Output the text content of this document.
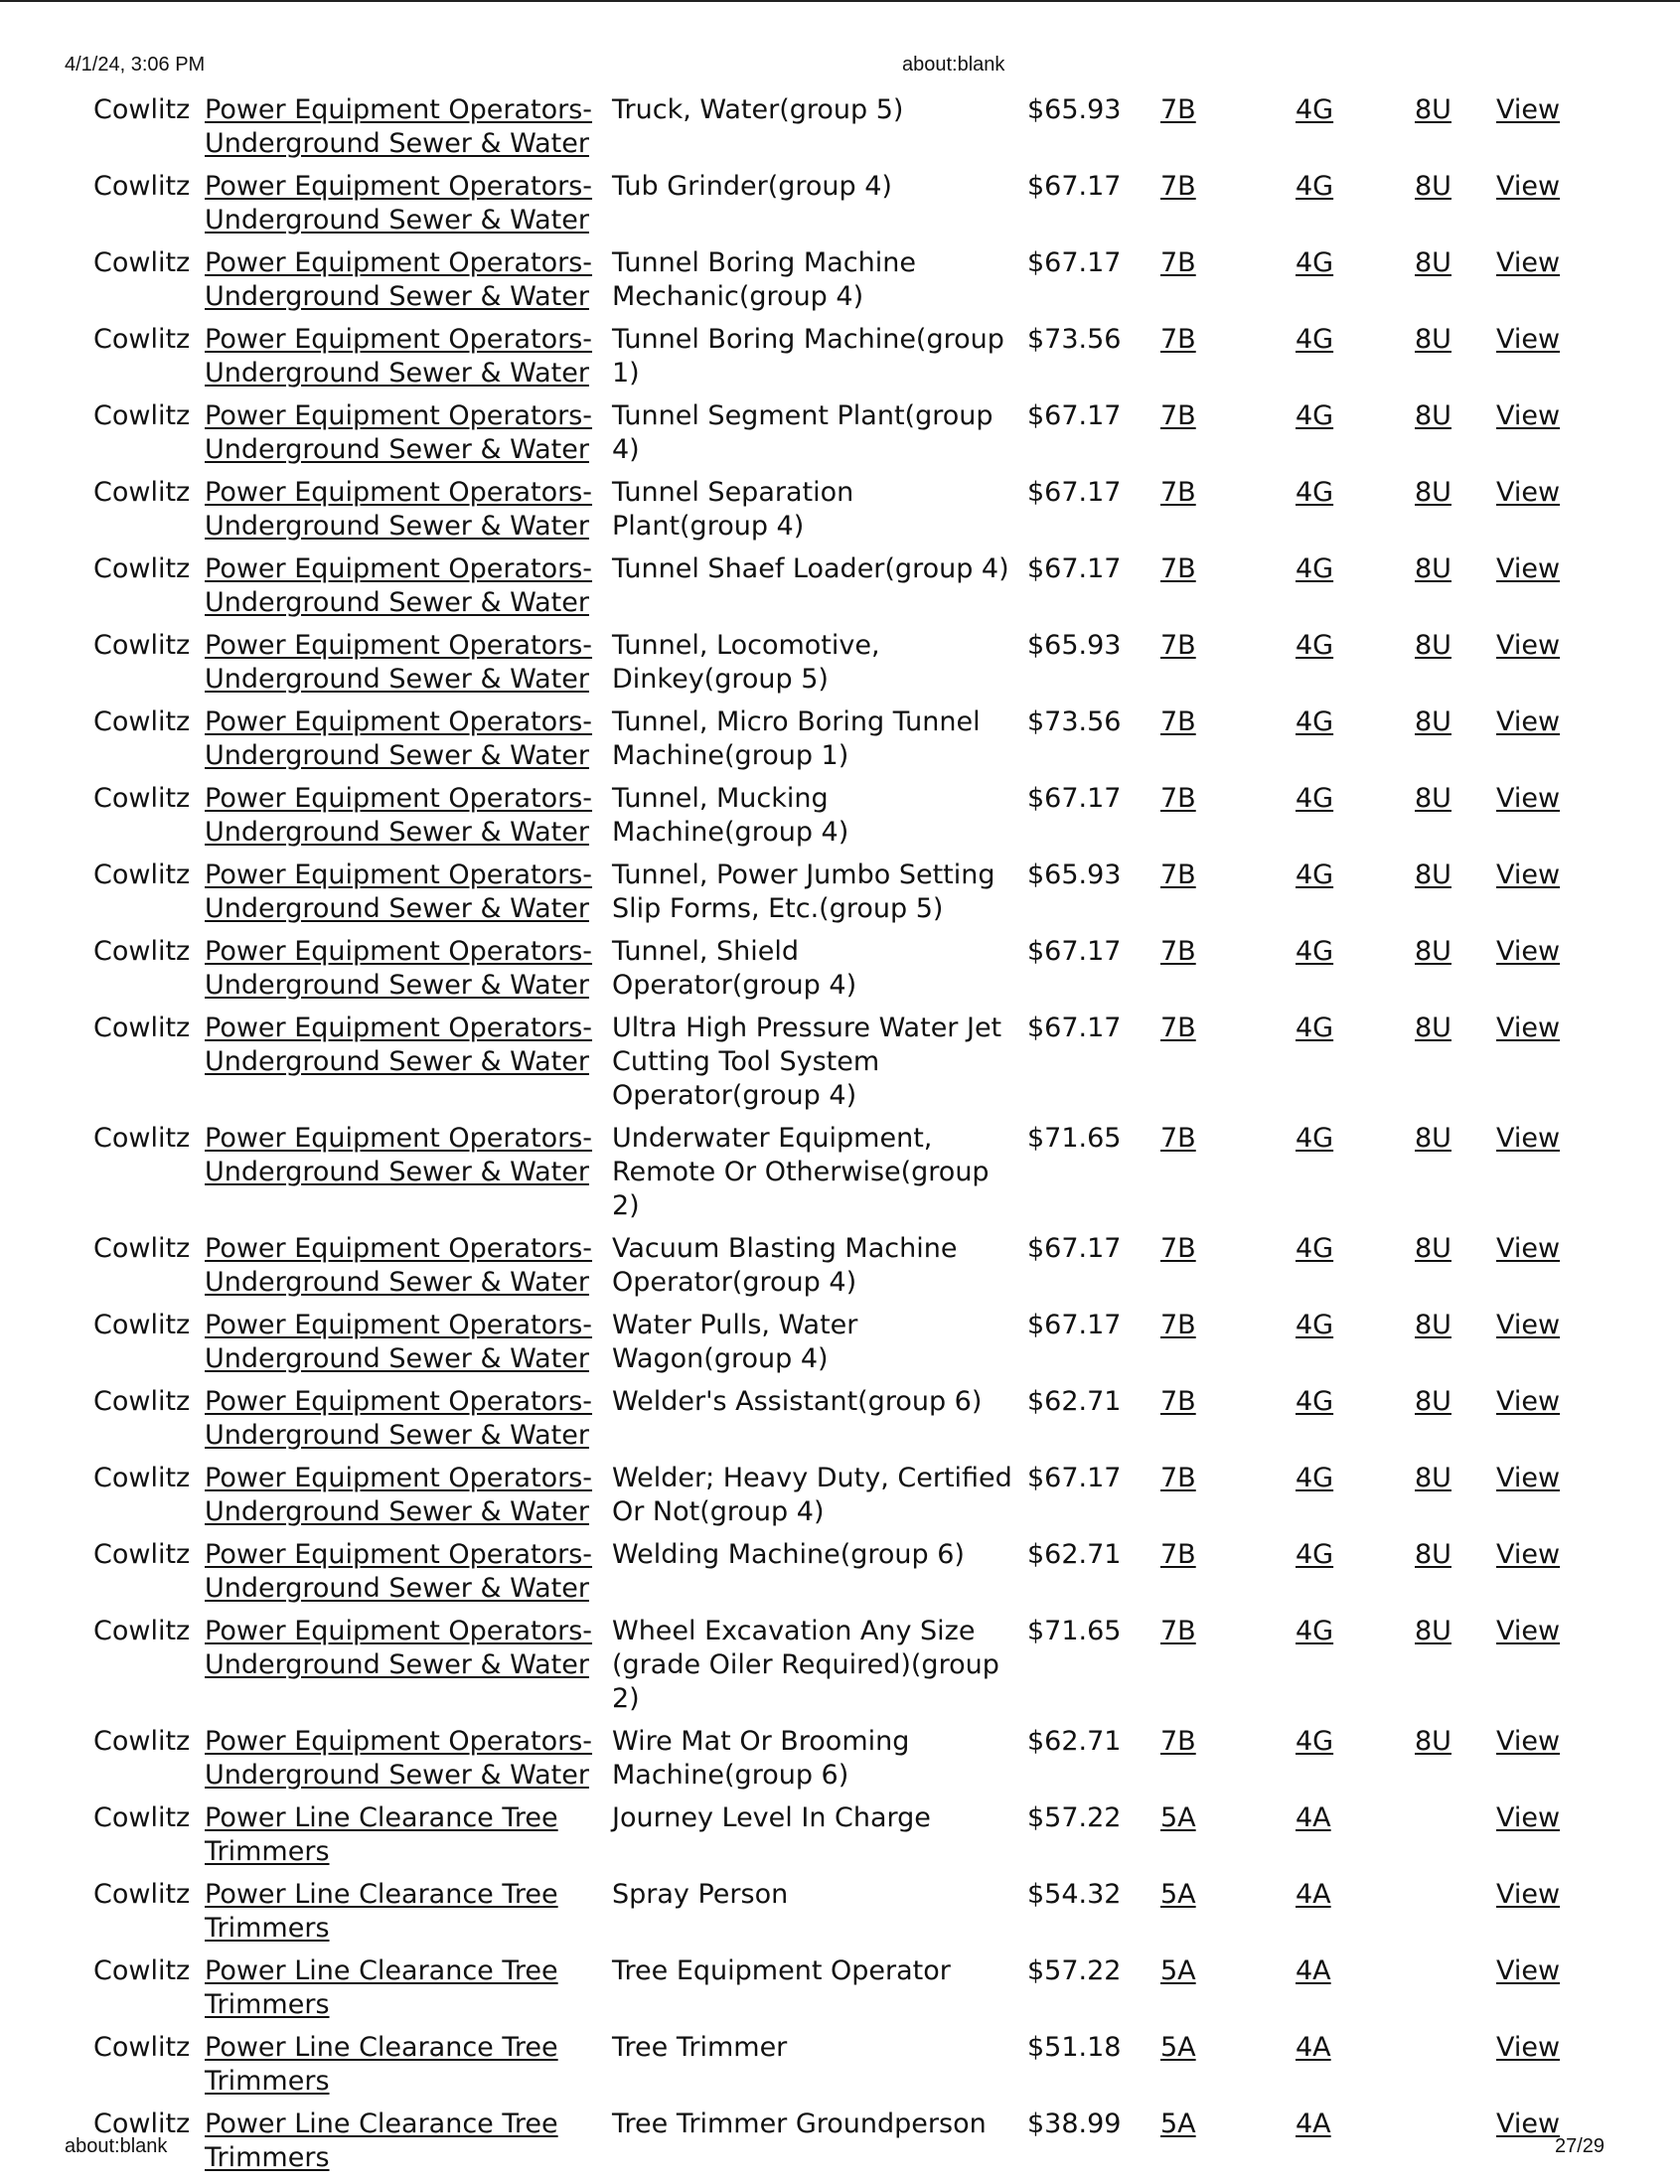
4/1/24, 3:06 PM	about:blank
Cowlitz	Power Equipment Operators-Underground Sewer & Water	Truck, Water(group 5)	$65.93	7B	4G	8U	View
Cowlitz	Power Equipment Operators-Underground Sewer & Water	Tub Grinder(group 4)	$67.17	7B	4G	8U	View
Cowlitz	Power Equipment Operators-Underground Sewer & Water	Tunnel Boring Machine Mechanic(group 4)	$67.17	7B	4G	8U	View
Cowlitz	Power Equipment Operators-Underground Sewer & Water	Tunnel Boring Machine(group 1)	$73.56	7B	4G	8U	View
Cowlitz	Power Equipment Operators-Underground Sewer & Water	Tunnel Segment Plant(group 4)	$67.17	7B	4G	8U	View
Cowlitz	Power Equipment Operators-Underground Sewer & Water	Tunnel Separation Plant(group 4)	$67.17	7B	4G	8U	View
Cowlitz	Power Equipment Operators-Underground Sewer & Water	Tunnel Shaef Loader(group 4)	$67.17	7B	4G	8U	View
Cowlitz	Power Equipment Operators-Underground Sewer & Water	Tunnel, Locomotive, Dinkey(group 5)	$65.93	7B	4G	8U	View
Cowlitz	Power Equipment Operators-Underground Sewer & Water	Tunnel, Micro Boring Tunnel Machine(group 1)	$73.56	7B	4G	8U	View
Cowlitz	Power Equipment Operators-Underground Sewer & Water	Tunnel, Mucking Machine(group 4)	$67.17	7B	4G	8U	View
Cowlitz	Power Equipment Operators-Underground Sewer & Water	Tunnel, Power Jumbo Setting Slip Forms, Etc.(group 5)	$65.93	7B	4G	8U	View
Cowlitz	Power Equipment Operators-Underground Sewer & Water	Tunnel, Shield Operator(group 4)	$67.17	7B	4G	8U	View
Cowlitz	Power Equipment Operators-Underground Sewer & Water	Ultra High Pressure Water Jet Cutting Tool System Operator(group 4)	$67.17	7B	4G	8U	View
Cowlitz	Power Equipment Operators-Underground Sewer & Water	Underwater Equipment, Remote Or Otherwise(group 2)	$71.65	7B	4G	8U	View
Cowlitz	Power Equipment Operators-Underground Sewer & Water	Vacuum Blasting Machine Operator(group 4)	$67.17	7B	4G	8U	View
Cowlitz	Power Equipment Operators-Underground Sewer & Water	Water Pulls, Water Wagon(group 4)	$67.17	7B	4G	8U	View
Cowlitz	Power Equipment Operators-Underground Sewer & Water	Welder's Assistant(group 6)	$62.71	7B	4G	8U	View
Cowlitz	Power Equipment Operators-Underground Sewer & Water	Welder; Heavy Duty, Certified Or Not(group 4)	$67.17	7B	4G	8U	View
Cowlitz	Power Equipment Operators-Underground Sewer & Water	Welding Machine(group 6)	$62.71	7B	4G	8U	View
Cowlitz	Power Equipment Operators-Underground Sewer & Water	Wheel Excavation Any Size (grade Oiler Required)(group 2)	$71.65	7B	4G	8U	View
Cowlitz	Power Equipment Operators-Underground Sewer & Water	Wire Mat Or Brooming Machine(group 6)	$62.71	7B	4G	8U	View
Cowlitz	Power Line Clearance Tree Trimmers	Journey Level In Charge	$57.22	5A	4A		View
Cowlitz	Power Line Clearance Tree Trimmers	Spray Person	$54.32	5A	4A		View
Cowlitz	Power Line Clearance Tree Trimmers	Tree Equipment Operator	$57.22	5A	4A		View
Cowlitz	Power Line Clearance Tree Trimmers	Tree Trimmer	$51.18	5A	4A		View
Cowlitz	Power Line Clearance Tree Trimmers	Tree Trimmer Groundperson	$38.99	5A	4A		View
about:blank	27/29
